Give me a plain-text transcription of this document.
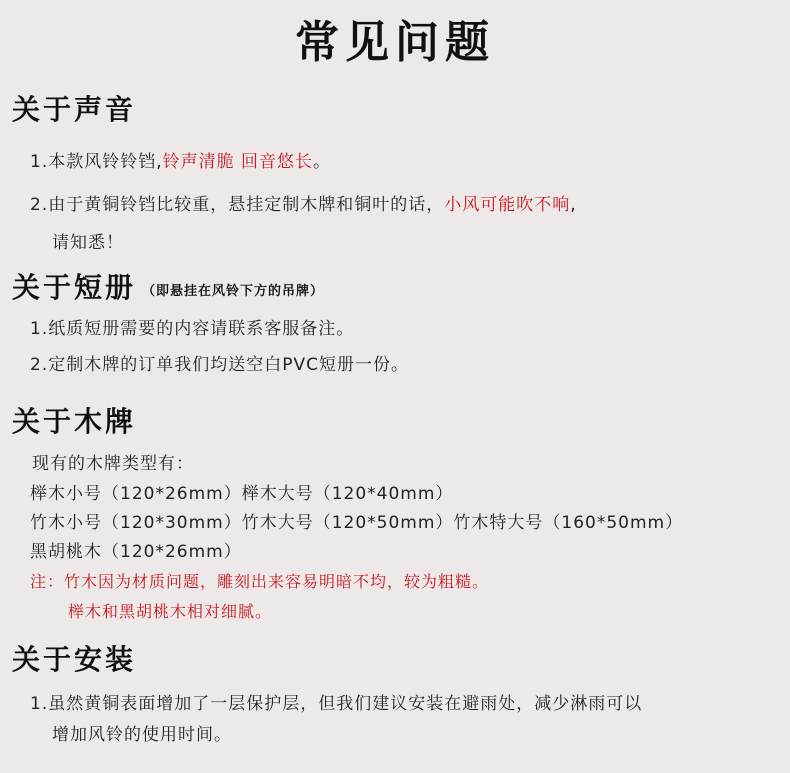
常见问题
关于声音
1.本款风铃铃铛,铃声清脆 回音悠长。
2.由于黄铜铃铛比较重，悬挂定制木牌和铜叶的话，小风可能吹不响,
请知悉！
关于短册 （即悬挂在风铃下方的吊牌）
1.纸质短册需要的内容请联系客服备注。
2.定制木牌的订单我们均送空白PVC短册一份。
关于木牌
现有的木牌类型有：
榉木小号（120*26mm）榉木大号（120*40mm）
竹木小号（120*30mm）竹木大号（120*50mm）竹木特大号（160*50mm）
黑胡桃木（120*26mm）
注：竹木因为材质问题，雕刻出来容易明暗不均，较为粗糙。
榉木和黑胡桃木相对细腻。
关于安装
1.虽然黄铜表面增加了一层保护层，但我们建议安装在避雨处，减少淋雨可以
增加风铃的使用时间。
